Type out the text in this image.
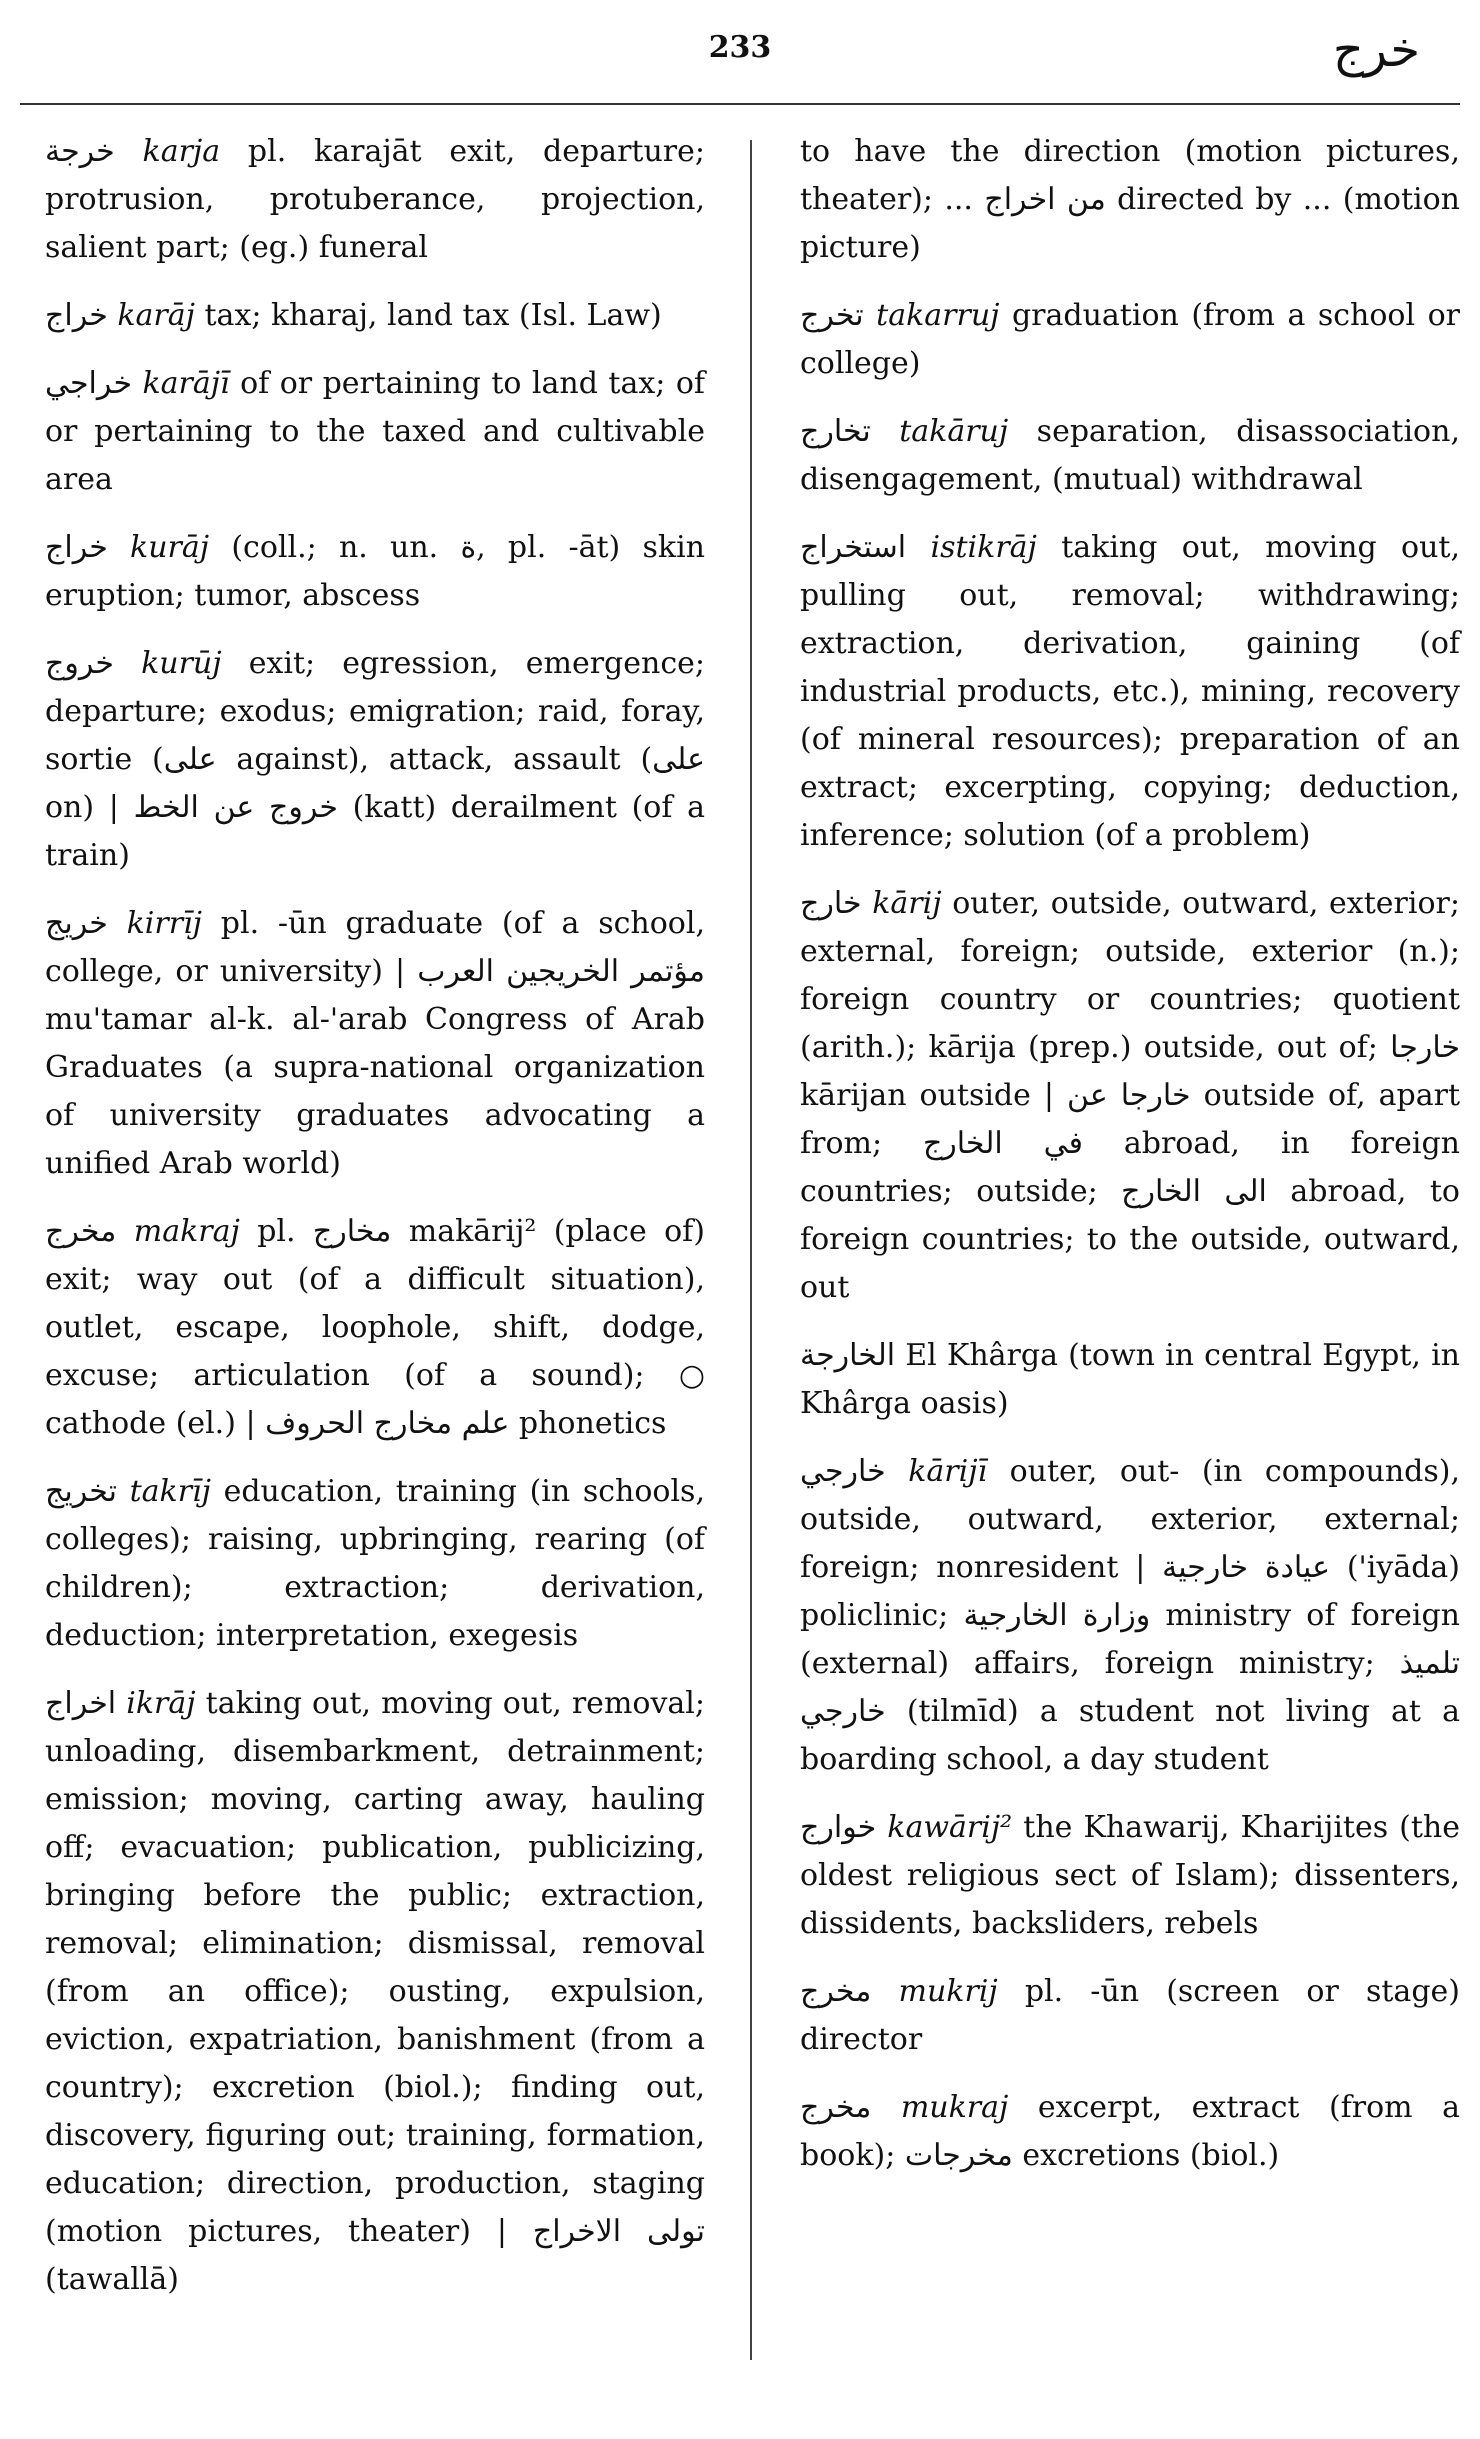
233	خرج

خرجة karja pl. karajāt exit, departure; protrusion, protuberance, projection, salient part; (eg.) funeral

خراج karāj tax; kharaj, land tax (Isl. Law)

خراجي karājī of or pertaining to land tax; of or pertaining to the taxed and cultivable area

خراج kurāj (coll.; n. un. ة, pl. -āt) skin eruption; tumor, abscess

خروج kurūj exit; egression, emergence; departure; exodus; emigration; raid, foray, sortie (على against), attack, assault (على on) | خروج عن الخط (katt) derailment (of a train)

خريج kirrīj pl. -ūn graduate (of a school, college, or university) | مؤتمر الخريجين العرب mu'tamar al-k. al-'arab Congress of Arab Graduates (a supra-national organization of university graduates advocating a unified Arab world)

مخرج makraj pl. مخارج makārij² (place of) exit; way out (of a difficult situation), outlet, escape, loophole, shift, dodge, excuse; articulation (of a sound); ○ cathode (el.) | علم مخارج الحروف phonetics

تخريج takrīj education, training (in schools, colleges); raising, upbringing, rearing (of children); extraction; derivation, deduction; interpretation, exegesis

اخراج ikrāj taking out, moving out, removal; unloading, disembarkment, detrainment; emission; moving, carting away, hauling off; evacuation; publication, publicizing, bringing before the public; extraction, removal; elimination; dismissal, removal (from an office); ousting, expulsion, eviction, expatriation, banishment (from a country); excretion (biol.); finding out, discovery, figuring out; training, formation, education; direction, production, staging (motion pictures, theater) | تولى الاخراج (tawallā)

to have the direction (motion pictures, theater); ... من اخراج directed by ... (motion picture)

تخرج takarruj graduation (from a school or college)

تخارج takāruj separation, disassociation, disengagement, (mutual) withdrawal

استخراج istikrāj taking out, moving out, pulling out, removal; withdrawing; extraction, derivation, gaining (of industrial products, etc.), mining, recovery (of mineral resources); preparation of an extract; excerpting, copying; deduction, inference; solution (of a problem)

خارج kārij outer, outside, outward, exterior; external, foreign; outside, exterior (n.); foreign country or countries; quotient (arith.); kārija (prep.) outside, out of; خارجا kārijan outside | خارجا عن outside of, apart from; في الخارج abroad, in foreign countries; outside; الى الخارج abroad, to foreign countries; to the outside, outward, out

الخارجة El Khârga (town in central Egypt, in Khârga oasis)

خارجي kārijī outer, out- (in compounds), outside, outward, exterior, external; foreign; nonresident | عيادة خارجية ('iyāda) policlinic; وزارة الخارجية ministry of foreign (external) affairs, foreign ministry; تلميذ خارجي (tilmīd) a student not living at a boarding school, a day student

خوارج kawārij² the Khawarij, Kharijites (the oldest religious sect of Islam); dissenters, dissidents, backsliders, rebels

مخرج mukrij pl. -ūn (screen or stage) director

مخرج mukraj excerpt, extract (from a book); مخرجات excretions (biol.)
